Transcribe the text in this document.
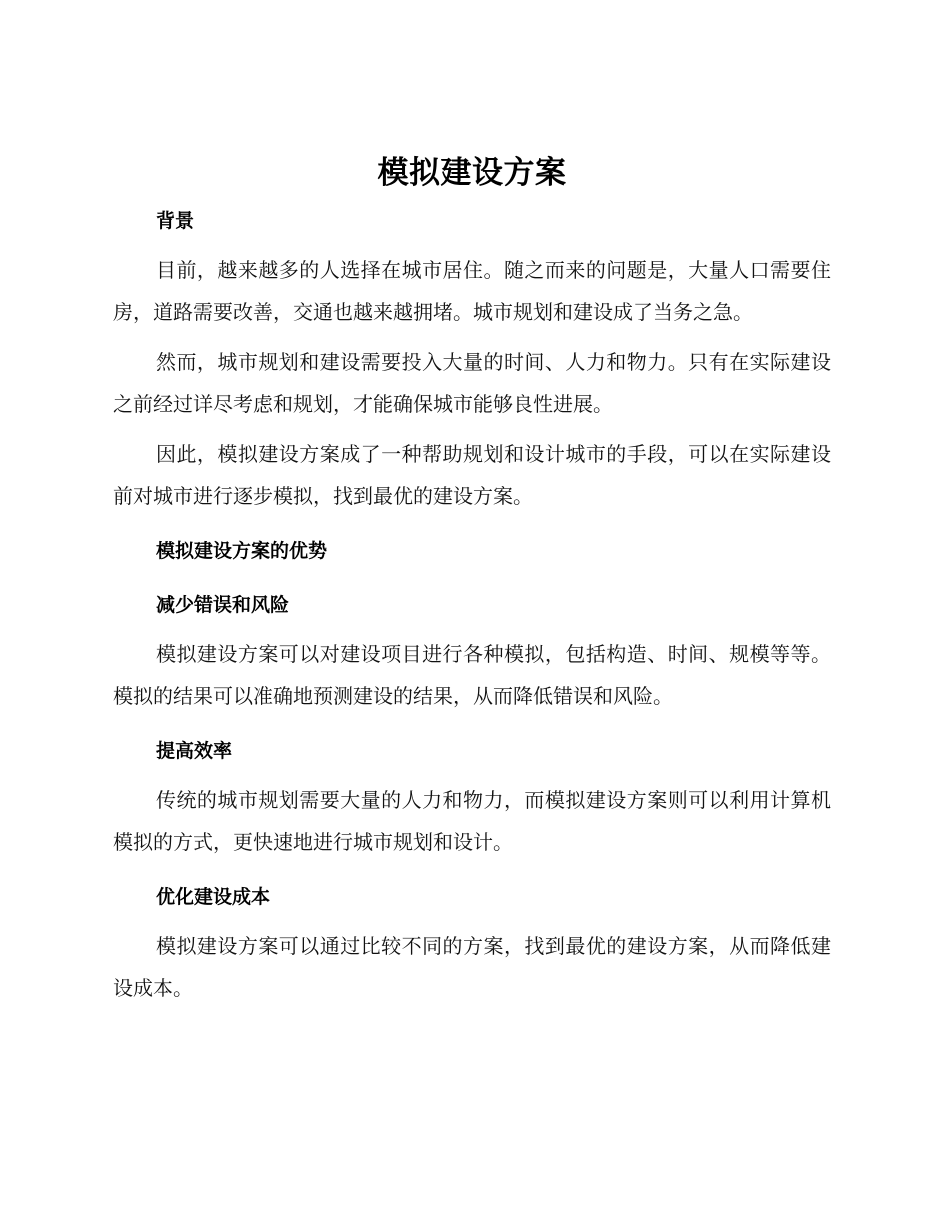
模拟建设方案
背景

目前，越来越多的人选择在城市居住。随之而来的问题是，大量人口需要住房，道路需要改善，交通也越来越拥堵。城市规划和建设成了当务之急。

然而，城市规划和建设需要投入大量的时间、人力和物力。只有在实际建设之前经过详尽考虑和规划，才能确保城市能够良性进展。

因此，模拟建设方案成了一种帮助规划和设计城市的手段，可以在实际建设前对城市进行逐步模拟，找到最优的建设方案。

模拟建设方案的优势
减少错误和风险

模拟建设方案可以对建设项目进行各种模拟，包括构造、时间、规模等等。模拟的结果可以准确地预测建设的结果，从而降低错误和风险。

提高效率

传统的城市规划需要大量的人力和物力，而模拟建设方案则可以利用计算机模拟的方式，更快速地进行城市规划和设计。

优化建设成本

模拟建设方案可以通过比较不同的方案，找到最优的建设方案，从而降低建设成本。
